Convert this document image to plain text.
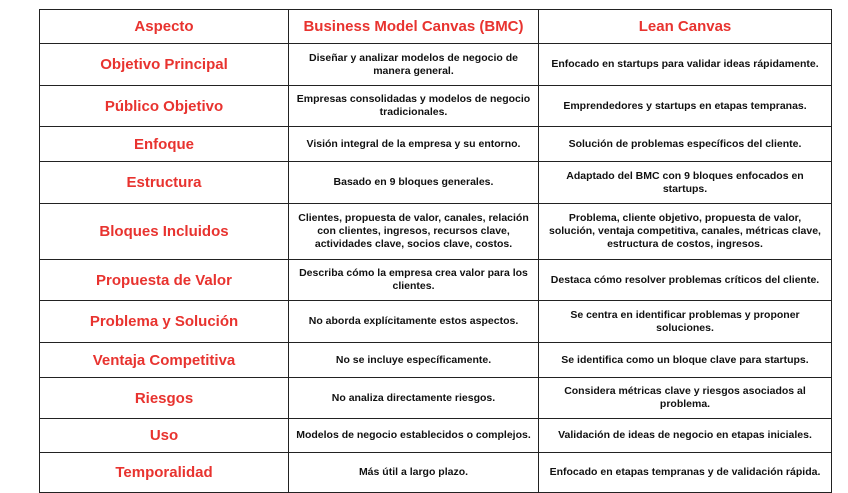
Aspecto	Business Model Canvas (BMC)	Lean Canvas
Objetivo Principal	Diseñar y analizar modelos de negocio de manera general.	Enfocado en startups para validar ideas rápidamente.
Público Objetivo	Empresas consolidadas y modelos de negocio tradicionales.	Emprendedores y startups en etapas tempranas.
Enfoque	Visión integral de la empresa y su entorno.	Solución de problemas específicos del cliente.
Estructura	Basado en 9 bloques generales.	Adaptado del BMC con 9 bloques enfocados en startups.
Bloques Incluidos	Clientes, propuesta de valor, canales, relación con clientes, ingresos, recursos clave, actividades clave, socios clave, costos.	Problema, cliente objetivo, propuesta de valor, solución, ventaja competitiva, canales, métricas clave, estructura de costos, ingresos.
Propuesta de Valor	Describa cómo la empresa crea valor para los clientes.	Destaca cómo resolver problemas críticos del cliente.
Problema y Solución	No aborda explícitamente estos aspectos.	Se centra en identificar problemas y proponer soluciones.
Ventaja Competitiva	No se incluye específicamente.	Se identifica como un bloque clave para startups.
Riesgos	No analiza directamente riesgos.	Considera métricas clave y riesgos asociados al problema.
Uso	Modelos de negocio establecidos o complejos.	Validación de ideas de negocio en etapas iniciales.
Temporalidad	Más útil a largo plazo.	Enfocado en etapas tempranas y de validación rápida.
